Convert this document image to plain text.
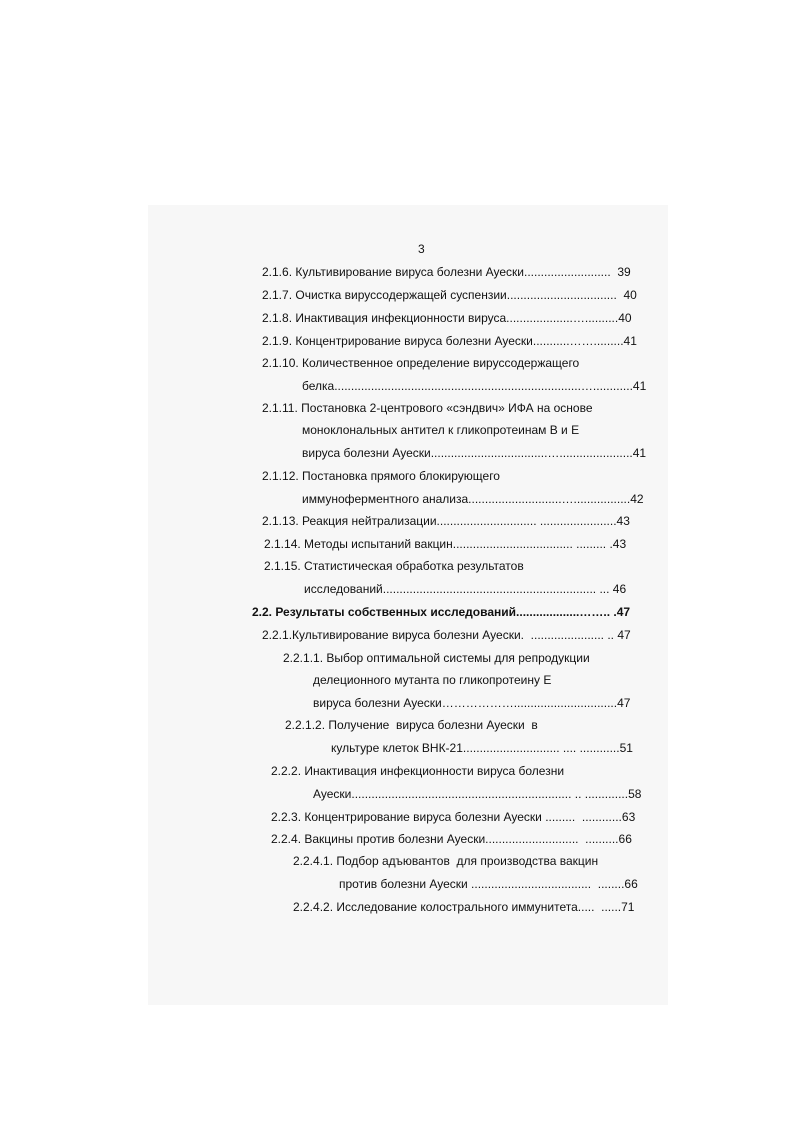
3
2.1.6. Культивирование вируса болезни Ауески..........................  39
2.1.7. Очистка вируссодержащей суспензии.................................  40
2.1.8. Инактивация инфекционности вируса....................…..........40
2.1.9. Концентрирование вируса болезни Ауески...........…….........41
2.1.10. Количественное определение вируссодержащего
белка..........................................................................…............41
2.1.11. Постановка 2-центрового «сэндвич» ИФА на основе
моноклональных антител к гликопротеинам В и Е
вируса болезни Ауески...................................…......................41
2.1.12. Постановка прямого блокирующего
иммуноферментного анализа............................….................42
2.1.13. Реакция нейтрализации.............................. .......................43
2.1.14. Методы испытаний вакцин.................................... ......... .43
2.1.15. Статистическая обработка результатов
исследований................................................................ ... 46
2.2. Результаты собственных исследований...................…….. .47
2.2.1.Культивирование вируса болезни Ауески.  ...................... .. 47
2.2.1.1. Выбор оптимальной системы для репродукции
делеционного мутанта по гликопротеину Е
вируса болезни Ауески………………...............................47
2.2.1.2. Получение  вируса болезни Ауески  в
культуре клеток ВНК-21............................. .... ............51
2.2.2. Инактивация инфекционности вируса болезни
Ауески.................................................................. .. .............58
2.2.3. Концентрирование вируса болезни Ауески .........  ............63
2.2.4. Вакцины против болезни Ауески............................  ..........66
2.2.4.1. Подбор адъювантов  для производства вакцин
против болезни Ауески ....................................  ........66
2.2.4.2. Исследование колострального иммунитета.....  ......71
